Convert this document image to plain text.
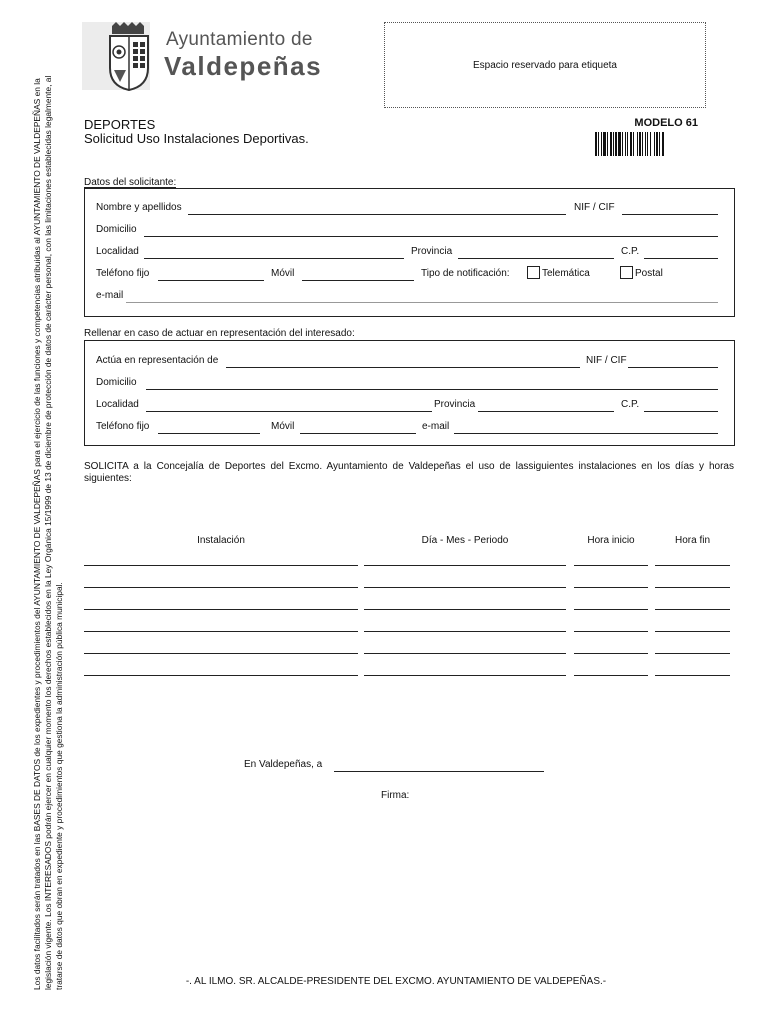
Los datos facilitados serán tratados en las BASES DE DATOS de los expedientes y procedimientos del AYUNTAMIENTO DE VALDEPEÑAS para el ejercicio de las funciones y competencias atribuidas al AYUNTAMIENTO DE VALDEPEÑAS en la legislación vigente. Los INTERESADOS podrán ejercer en cualquier momento los derechos establecidos en la Ley Orgánica 15/1999 de 13 de diciembre de protección de datos de carácter personal, con las limitaciones establecidas legalmente, al tratarse de datos que obran en expediente y procedimientos que gestiona la administración pública municipal.
Ayuntamiento de
Valdepeñas	Espacio reservado para etiqueta
DEPORTES
Solicitud Uso Instalaciones Deportivas.
MODELO 61
Datos del solicitante:
Nombre y apellidos	NIF / CIF
Domicilio
Localidad	Provincia	C.P.
Teléfono fijo	Móvil	Tipo de notificación:	Telemática	Postal
e-mail
Rellenar en caso de actuar en representación del interesado:
Actúa en representación de	NIF / CIF
Domicilio
Localidad	Provincia	C.P.
Teléfono fijo	Móvil	e-mail
SOLICITA a la Concejalía de Deportes del Excmo. Ayuntamiento de Valdepeñas el uso de lassiguientes instalaciones en los días y horas siguientes:
Instalación	Día - Mes - Periodo	Hora inicio	Hora fin
En Valdepeñas, a
Firma:
-. AL ILMO. SR. ALCALDE-PRESIDENTE DEL EXCMO. AYUNTAMIENTO DE VALDEPEÑAS.-
